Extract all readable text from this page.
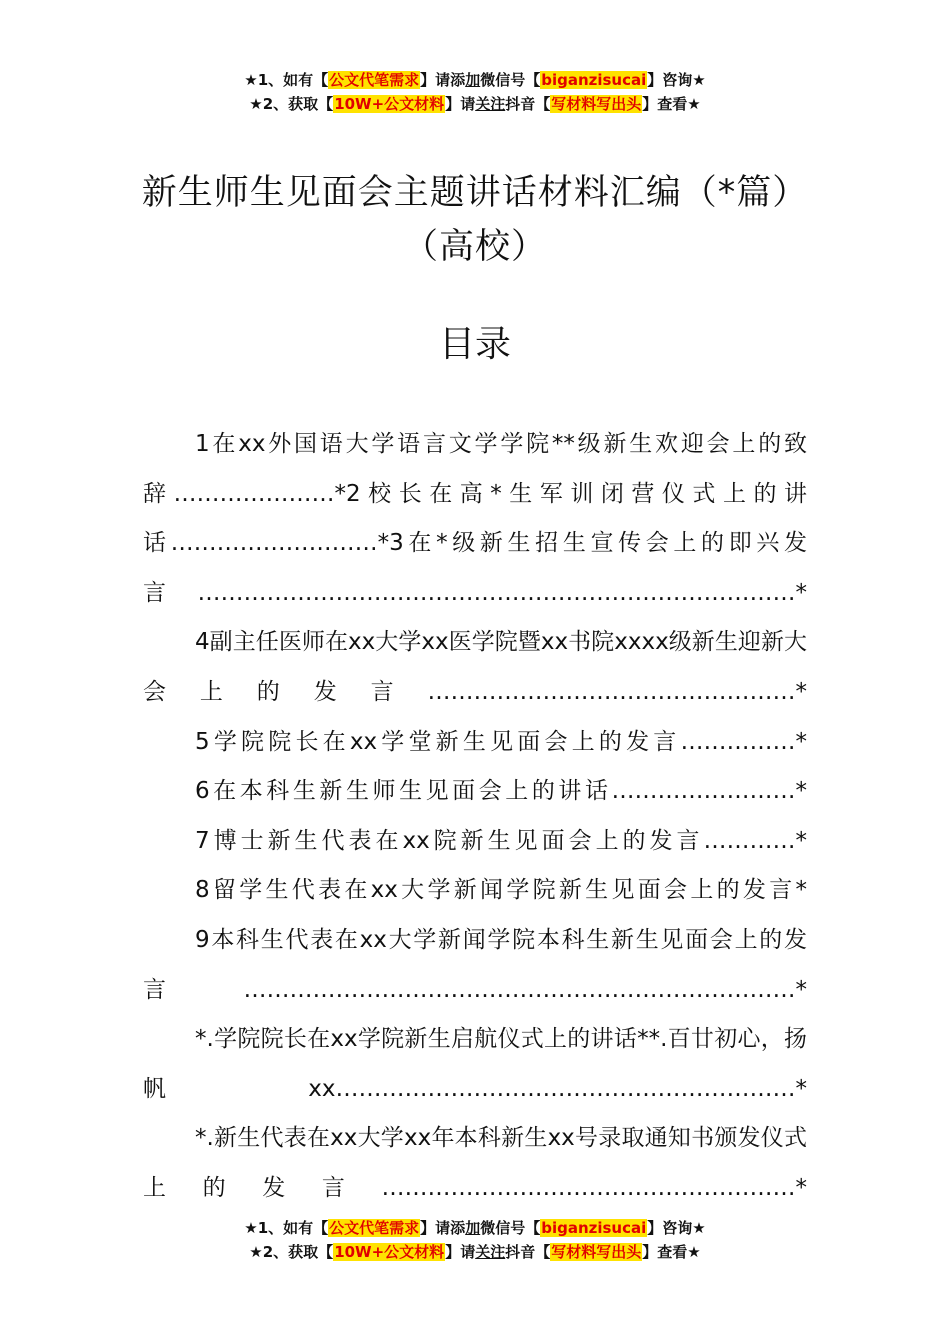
★1、如有【公文代笔需求】请添加微信号【biganzisucai】咨询★
★2、获取【10W+公文材料】请关注抖音【写材料写出头】查看★
新生师生见面会主题讲话材料汇编（*篇）
（高校）
目录

1在xx外国语大学语言文学学院**级新生欢迎会上的致辞…………………*2校长在高*生军训闭营仪式上的讲话………………………*3在*级新生招生宣传会上的即兴发言……………………………………………………………………*

4副主任医师在xx大学xx医学院暨xx书院xxxx级新生迎新大会上的发言…………………………………………*

5学院院长在xx学堂新生见面会上的发言……………*

6在本科生新生师生见面会上的讲话……………………*

7博士新生代表在xx院新生见面会上的发言…………*

8留学生代表在xx大学新闻学院新生见面会上的发言*

9本科生代表在xx大学新闻学院本科生新生见面会上的发言………………………………………………………………*

*.学院院长在xx学院新生启航仪式上的讲话**.百廿初心，扬帆xx……………………………………………………*

*.新生代表在xx大学xx年本科新生xx号录取通知书颁发仪式上的发言………………………………………………*

★1、如有【公文代笔需求】请添加微信号【biganzisucai】咨询★
★2、获取【10W+公文材料】请关注抖音【写材料写出头】查看★
